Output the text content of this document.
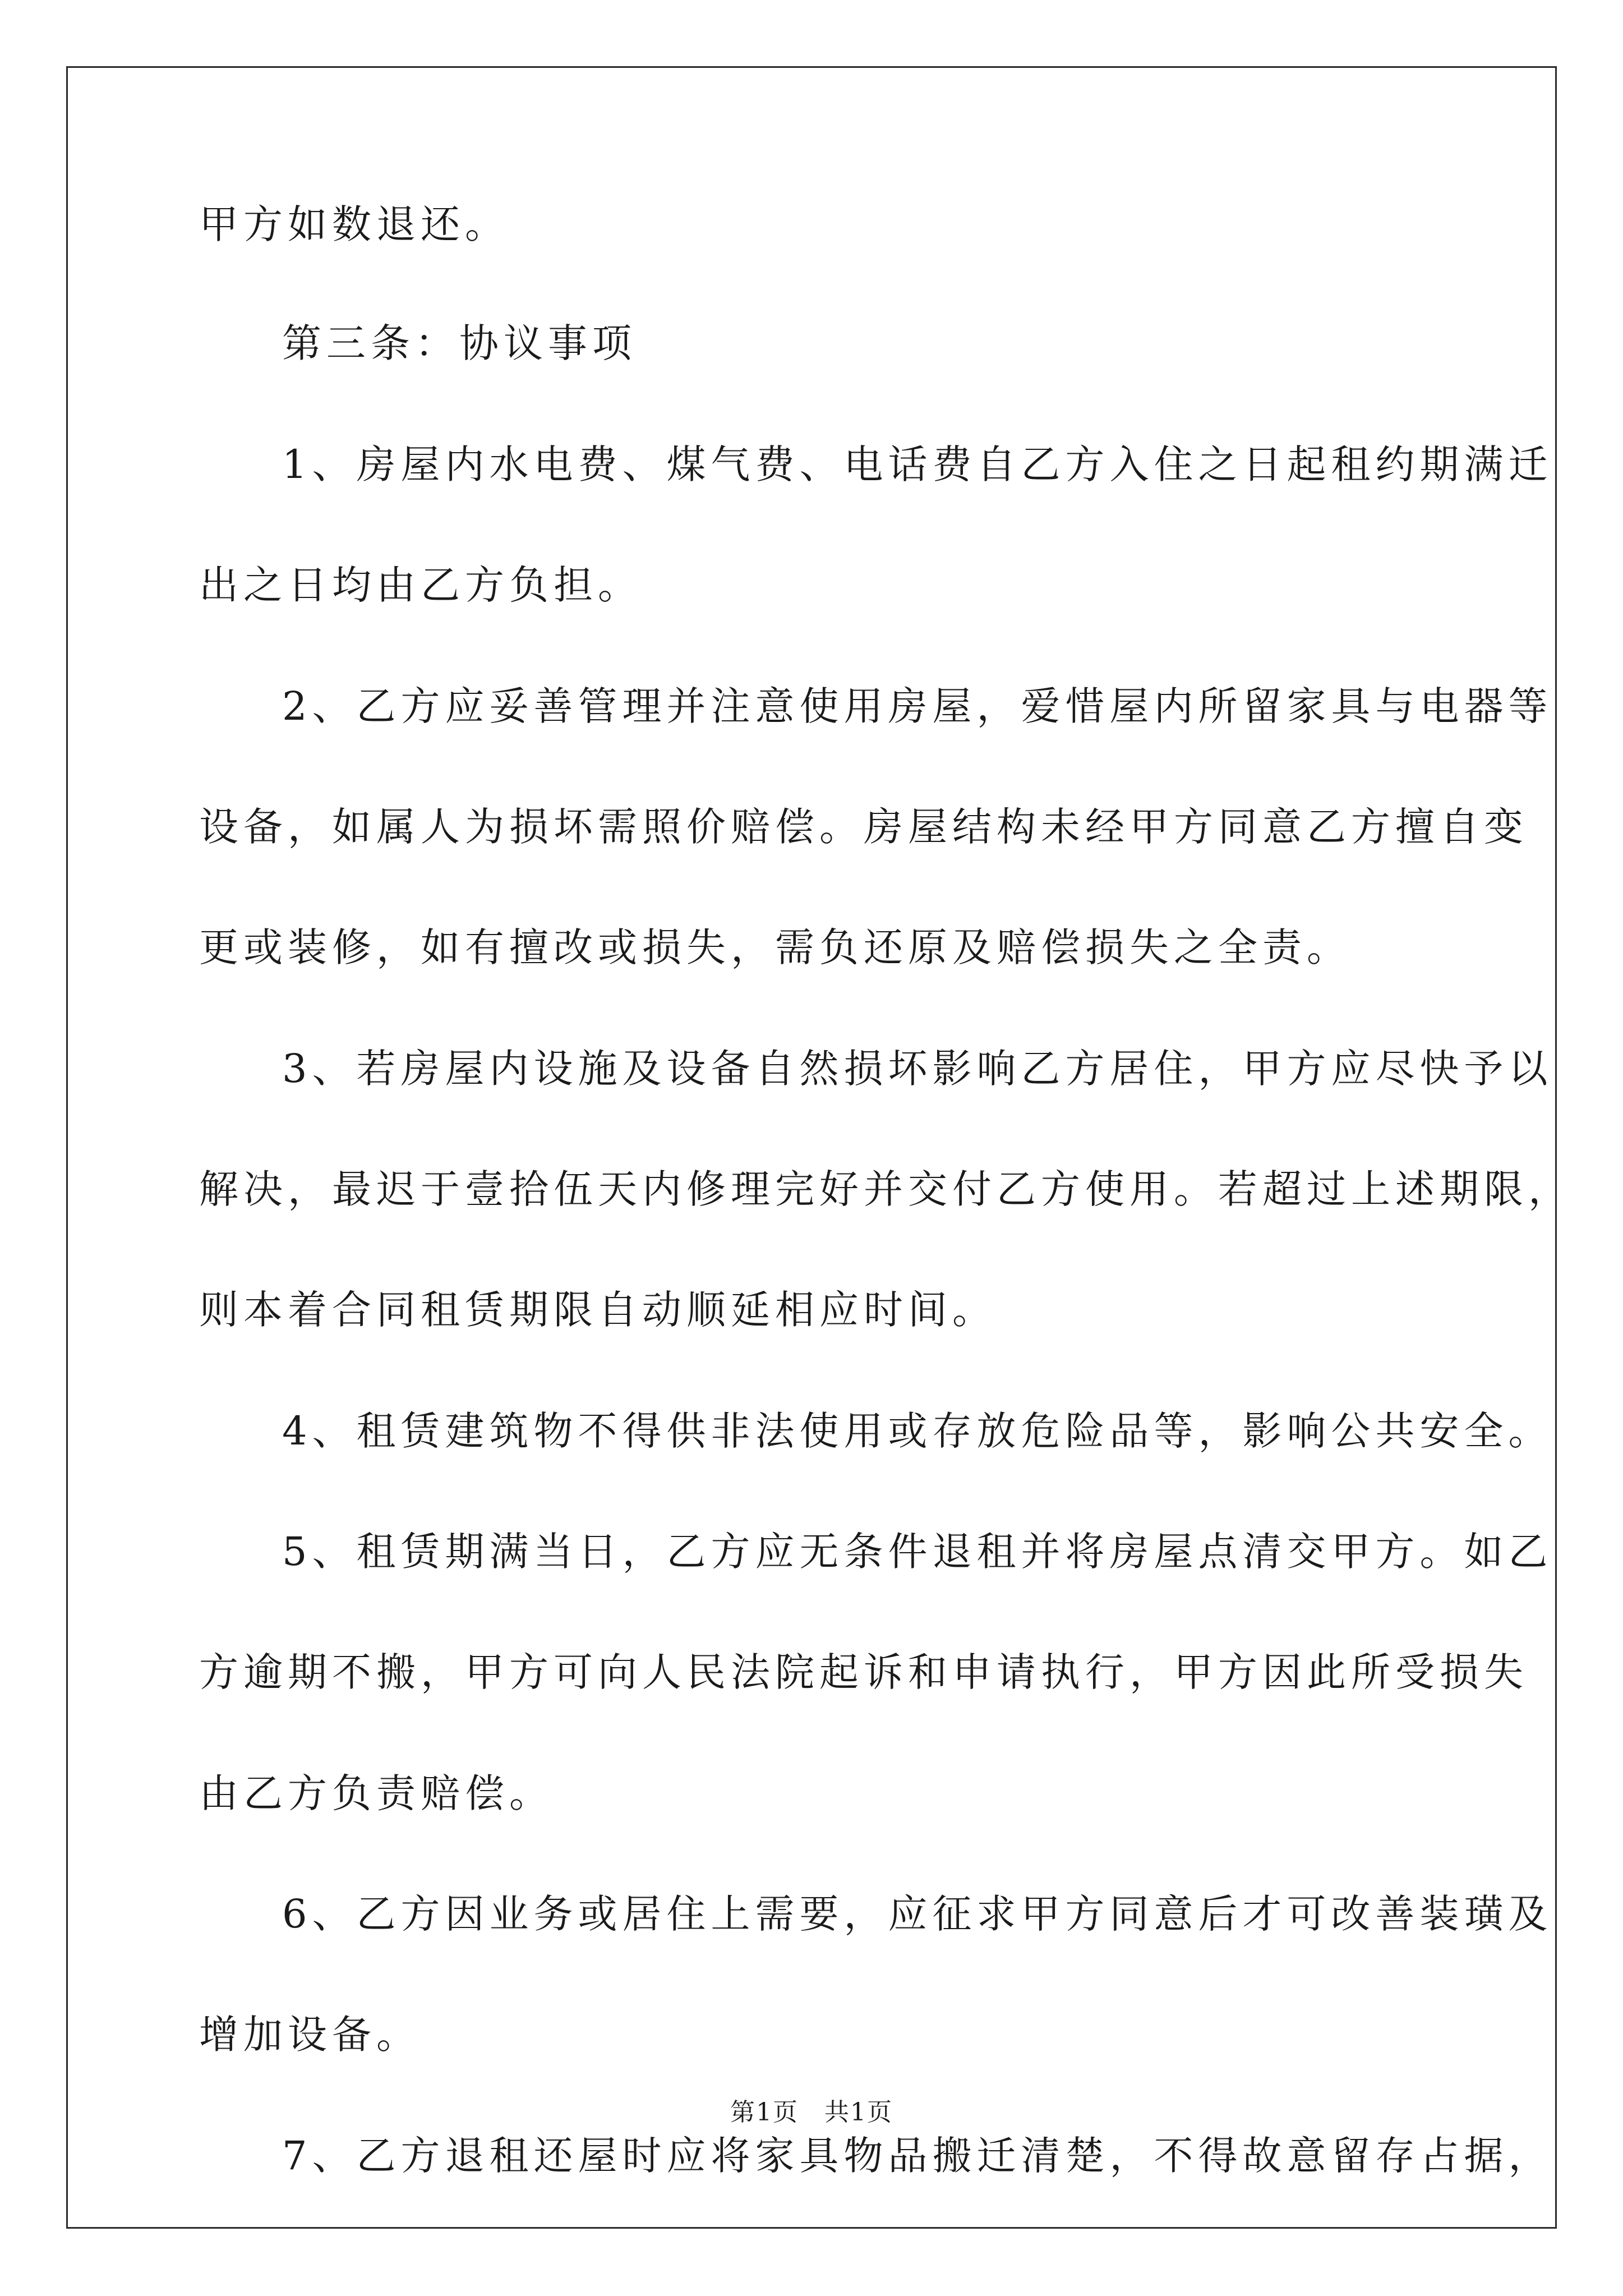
甲方如数退还。
第三条：协议事项
1、房屋内水电费、煤气费、电话费自乙方入住之日起租约期满迁
出之日均由乙方负担。
2、乙方应妥善管理并注意使用房屋，爱惜屋内所留家具与电器等
设备，如属人为损坏需照价赔偿。房屋结构未经甲方同意乙方擅自变
更或装修，如有擅改或损失，需负还原及赔偿损失之全责。
3、若房屋内设施及设备自然损坏影响乙方居住，甲方应尽快予以
解决，最迟于壹拾伍天内修理完好并交付乙方使用。若超过上述期限，
则本着合同租赁期限自动顺延相应时间。
4、租赁建筑物不得供非法使用或存放危险品等，影响公共安全。
5、租赁期满当日，乙方应无条件退租并将房屋点清交甲方。如乙
方逾期不搬，甲方可向人民法院起诉和申请执行，甲方因此所受损失
由乙方负责赔偿。
6、乙方因业务或居住上需要，应征求甲方同意后才可改善装璜及
增加设备。
7、乙方退租还屋时应将家具物品搬迁清楚，不得故意留存占据，
第1页　共1页
